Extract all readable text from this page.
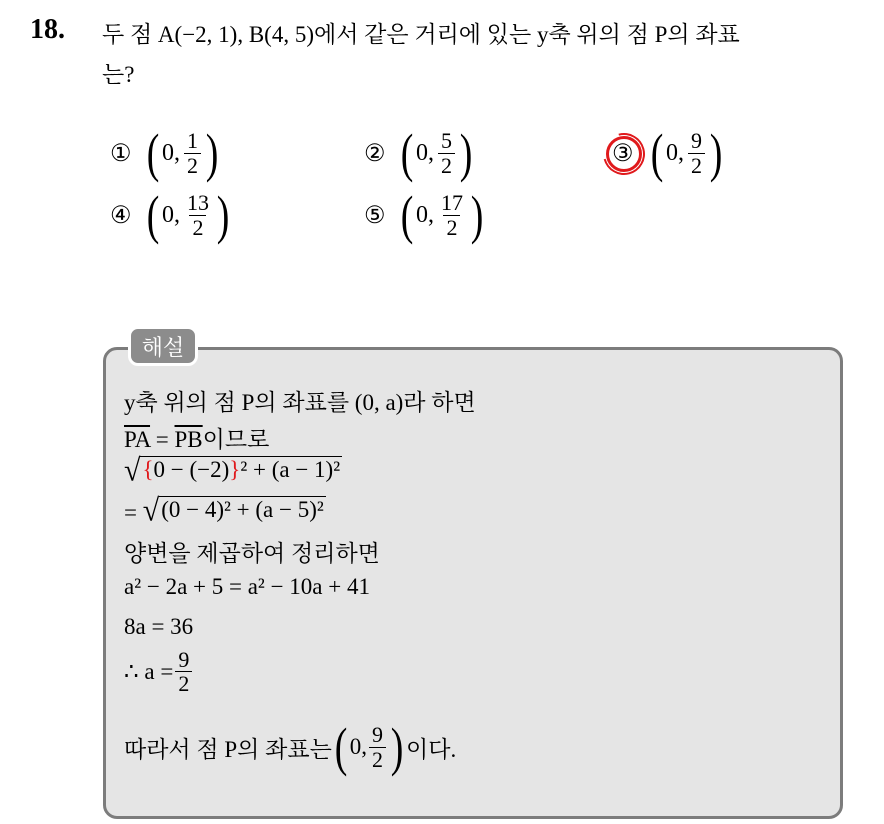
18. 두 점 A(−2, 1), B(4, 5)에서 같은 거리에 있는 y축 위의 점 P의 좌표
는?
① ( 0, $\frac{1}{2}$ )	② ( 0, $\frac{5}{2}$ )	③ ( 0, $\frac{9}{2}$ )
④ ( 0, $\frac{13}{2}$ )	⑤ ( 0, $\frac{17}{2}$ )
해설
y축 위의 점 P의 좌표를 (0, a)라 하면
$\overline{PA} = \overline{PB}$이므로
√ {0 − (−2)}² + (a − 1)²
= √ (0 − 4)² + (a − 5)²
양변을 제곱하여 정리하면
a² − 2a + 5 = a² − 10a + 41
8a = 36
∴ $a = \frac{9}{2}$
따라서 점 P의 좌표는 ( 0, $\frac{9}{2}$ ) 이다.
